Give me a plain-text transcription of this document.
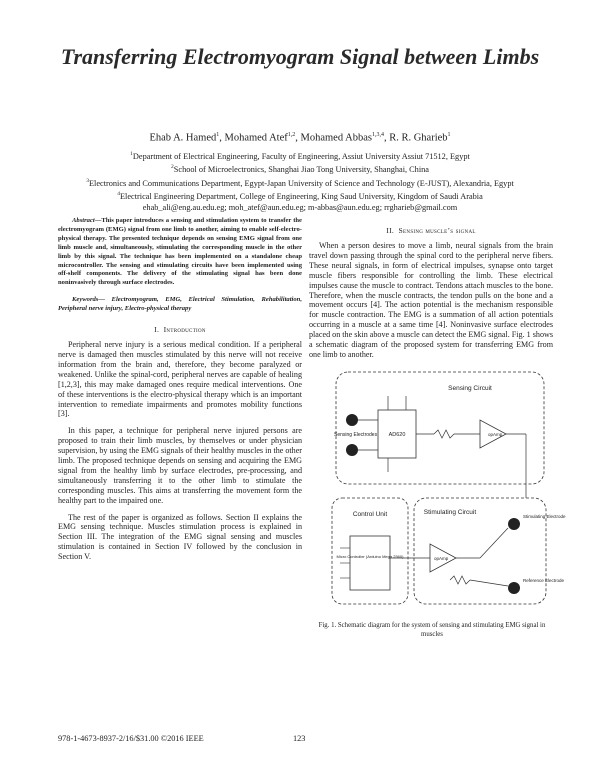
Transferring Electromyogram Signal between Limbs
Ehab A. Hamed$^1$, Mohamed Atef$^{1,2}$, Mohamed Abbas$^{1,3,4}$, R. R. Gharieb$^1$
$^1$Department of Electrical Engineering, Faculty of Engineering, Assiut University Assiut 71512, Egypt
$^2$School of Microelectronics, Shanghai Jiao Tong University, Shanghai, China
$^3$Electronics and Communications Department, Egypt-Japan University of Science and Technology (E-JUST), Alexandria, Egypt
$^4$Electrical Engineering Department, College of Engineering, King Saud University, Kingdom of Saudi Arabia
ehab_ali@eng.au.edu.eg; moh_atef@aun.edu.eg; m-abbas@aun.edu.eg; rrgharieb@gmail.com

Abstract—This paper introduces a sensing and stimulation system to transfer the electromyogram (EMG) signal from one limb to another, aiming to enable self-electro-physical therapy. The presented technique depends on sensing EMG signal from one limb muscle and, simultaneously, stimulating the corresponding muscle in the other limb by this signal. The technique has been implemented on a standalone cheap microcontroller. The sensing and stimulating circuits have been implemented using off-shelf components. The delivery of the stimulating signal has been done noninvasively through surface electrodes.

Keywords— Electromyogram, EMG, Electrical Stimulation, Rehabilitation, Peripheral nerve injury, Electro-physical therapy

I. Introduction

Peripheral nerve injury is a serious medical condition. If a peripheral nerve is damaged then muscles stimulated by this nerve will not receive information from the brain and, therefore, they become paralyzed or weakened. Unlike the spinal-cord, peripheral nerves are capable of healing [1,2,3], this may make damaged ones require medical interventions. One of these interventions is the electro-physical therapy which is an important intervention to remediate impairments and promotes mobility functions [3].

In this paper, a technique for peripheral nerve injured persons are proposed to train their limb muscles, by themselves or under physician supervision, by using the EMG signals of their healthy muscles in the other limb. The proposed technique depends on sensing and acquiring the EMG signal from the healthy limb by surface electrodes, pre-processing, and simultaneously transferring it to the other limb to stimulate the corresponding muscles. This aims at transferring the movement form the healthy part to the impaired one.

The rest of the paper is organized as follows. Section II explains the EMG sensing technique. Muscles stimulation process is explained in Section III. The integration of the EMG signal sensing and muscles stimulation is contained in Section IV followed by the conclusion in Section V.

II. Sensing muscle’s signal

When a person desires to move a limb, neural signals from the brain travel down passing through the spinal cord to the peripheral nerve fibers. These neural signals, in form of electrical impulses, synapse onto target muscle fibers responsible for controlling the limb. These electrical impulses cause the muscle to contract. Tendons attach muscles to the bone. Therefore, when the muscle contracts, the tendon pulls on the bone and a movement occurs [4]. The action potential is the mechanism responsible for muscle contraction. The EMG is a summation of all action potentials occurring in a muscle at a same time [4]. Noninvasive surface electrodes placed on the skin above a muscle can detect the EMG signal. Fig. 1 shows a schematic diagram of the proposed system for transferring EMG from one limb to another.

Sensing Circuit
Sensing Electrodes AD620	opAmp
Control Unit
Micro Controller (Arduino Mega 2560)
Stimulating Circuit
opAmp
Stimulating Electrode
Reference Electrode
Fig. 1. Schematic diagram for the system of sensing and stimulating EMG signal in muscles
978-1-4673-8937-2/16/$31.00 ©2016 IEEE	123
